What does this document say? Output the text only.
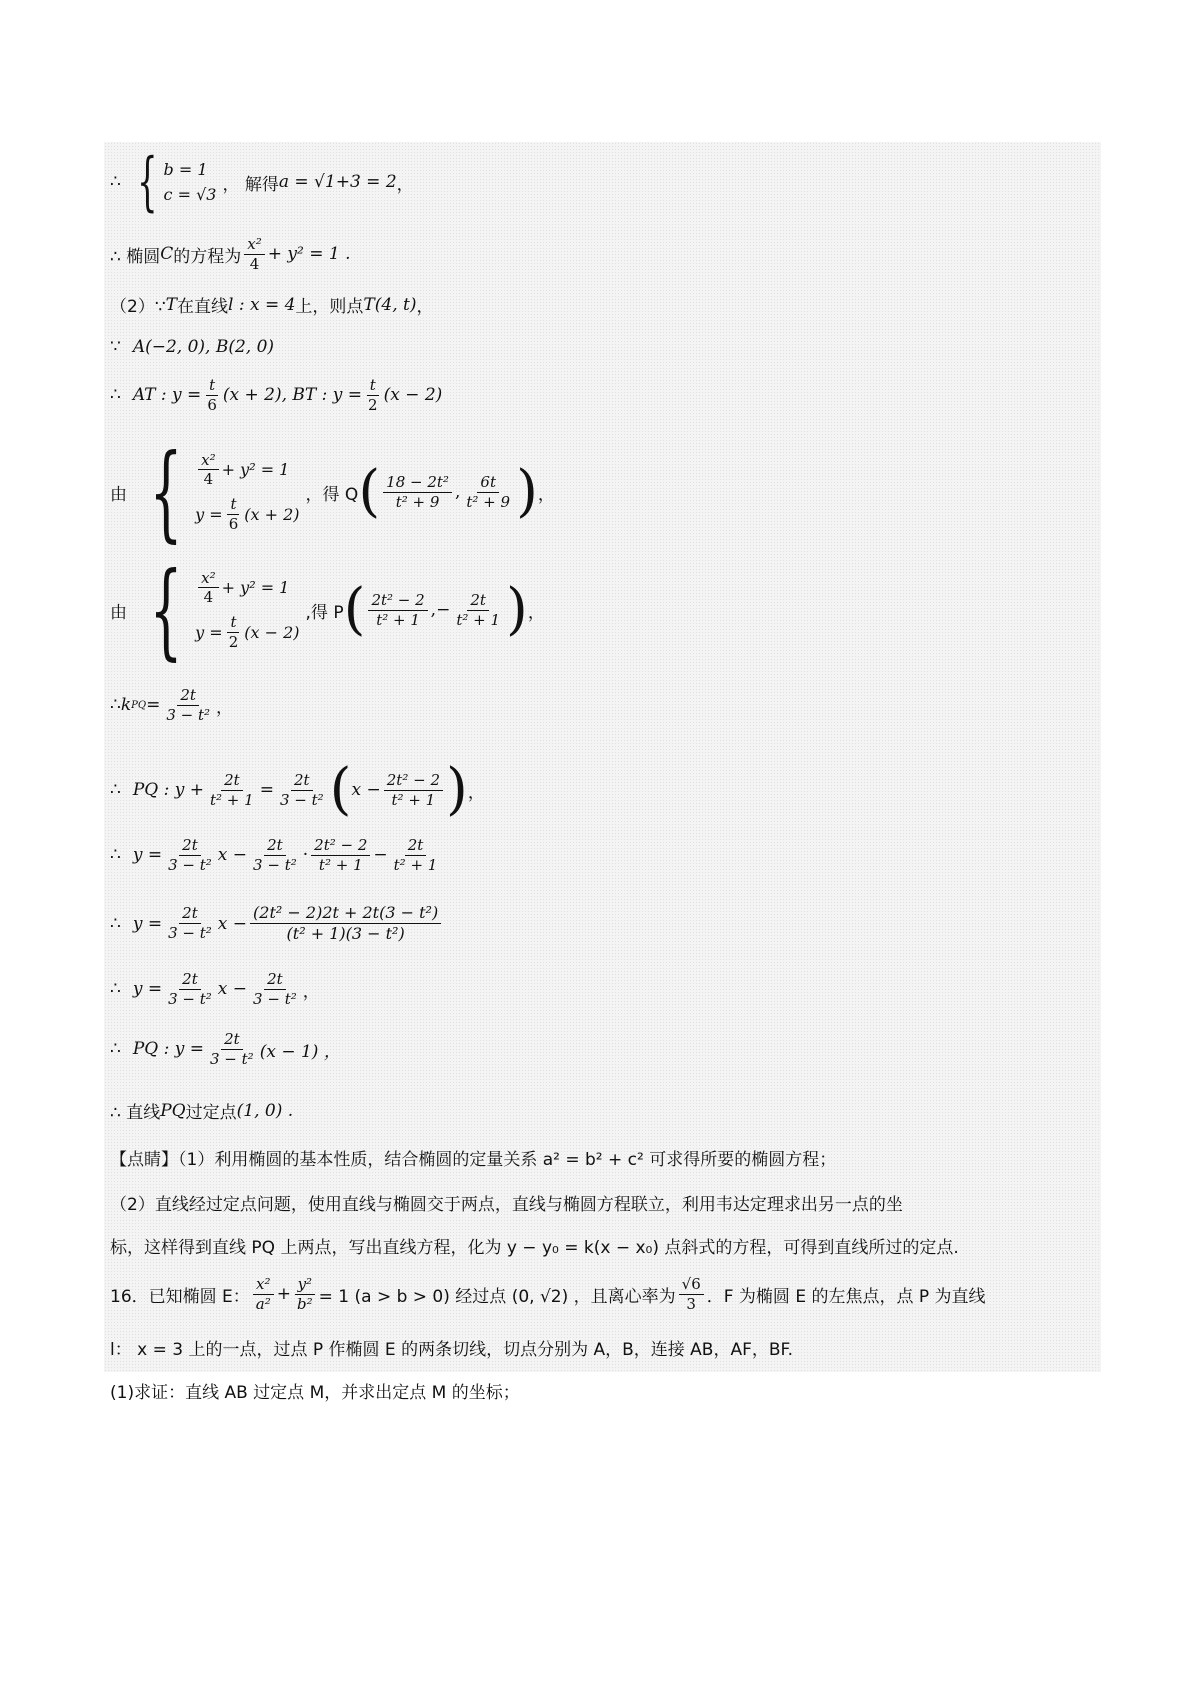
∴ { b = 1
c = √3 ， 解得 a = √1+3 = 2 ，
∴ 椭圆 C 的方程为 $\frac{\text{x²}}{4} + y^2 = 1$ .
（2）∵ T 在直线 l : x = 4 上，则点 T(4, t) ，
∵ A(−2, 0), B(2, 0)
∴ AT : $y = \frac{t}{6} (x + 2)$, BT : $y = \frac{t}{2} (x - 2)$
由 { $\frac{\text{x²}}{4} + y^2 = 1$
$y = \frac{t}{6} (x + 2)$
，得 Q ( $\frac{\text{18 − 2t²}}{\text{t² + 9}}$ , $\frac{6t}{\text{t² + 9}}$ ) ，
由 { $\frac{\text{x²}}{4} + y^2 = 1$
$y = \frac{t}{2} (x - 2)$
,得 P ( $\frac{\text{2t² − 2}}{\text{t² + 1}}$ , − $\frac{2t}{\text{t² + 1}}$ ) ，
∴ k PQ = $\frac{2t}{\text{3 − t²}}$ ，
∴ PQ : $y + \frac{2t}{\text{t² + 1}} = \frac{2t}{\text{3 − t²}}$ ( $x - \frac{\text{2t² − 2}}{\text{t² + 1}}$ ) ，
∴ $y = \frac{2t}{\text{3 − t²}}$ $x - \frac{2t}{\text{3 − t²}} \cdot \frac{\text{2t² − 2}}{\text{t² + 1}} - \frac{2t}{\text{t² + 1}}$
∴ $y = \frac{2t}{\text{3 − t²}}$ $x - \frac{\text{(2t² − 2)2t + 2t(3 − t²)}}{\text{(t² + 1)(3 − t²)}}$
∴ $y = \frac{2t}{\text{3 − t²}}$ $x - \frac{2t}{\text{3 − t²}}$ ，
∴ PQ : $y = \frac{2t}{\text{3 − t²}} (x - 1)$ ，
∴ 直线 PQ 过定点 (1, 0) .
【点睛】（1）利用椭圆的基本性质，结合椭圆的定量关系 a² = b² + c² 可求得所要的椭圆方程；
（2）直线经过定点问题，使用直线与椭圆交于两点，直线与椭圆方程联立，利用韦达定理求出另一点的坐
标，这样得到直线 PQ 上两点，写出直线方程，化为 y − y₀ = k(x − x₀) 点斜式的方程，可得到直线所过的定点.
16．已知椭圆 E： $\frac{\text{x²}}{\text{a²}} + \frac{\text{y²}}{\text{b²}} = 1$ (a > b > 0) 经过点 (0, √2) ，且离心率为 $\frac{√6}{3}$ ．F 为椭圆 E 的左焦点，点 P 为直线
l： x = 3 上的一点，过点 P 作椭圆 E 的两条切线，切点分别为 A，B，连接 AB，AF，BF.
(1)求证：直线 AB 过定点 M，并求出定点 M 的坐标；
